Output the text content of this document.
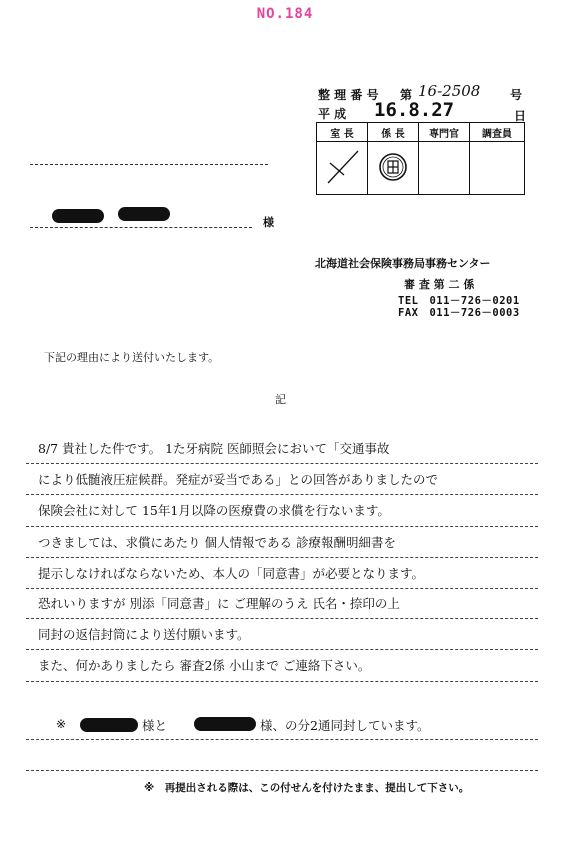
NO.184
整 理 番 号 第 16-2508 号
平 成 16.8.27	日
室 長	係 長	専門官	調査員

様
北海道社会保険事務局事務センター
審 査 第 二 係
TEL　011－726－0201
FAX　011－726－0003
下記の理由により送付いたします。
記
8/7 貴社した件です。 1た牙病院 医師照会において「交通事故
により低髄液圧症候群。発症が妥当である」との回答がありましたので
保険会社に対して 15年1月以降の医療費の求償を行ないます。
つきましては、求償にあたり 個人情報である 診療報酬明細書を
提示しなければならないため、本人の「同意書」が必要となります。
恐れいりますが 別添「同意書」に ご理解のうえ 氏名・捺印の上
同封の返信封筒により送付願います。
また、何かありましたら 審査2係 小山まで ご連絡下さい。
※	様と	様、の分2通同封しています。
※　再提出される際は、この付せんを付けたまま、提出して下さい。
